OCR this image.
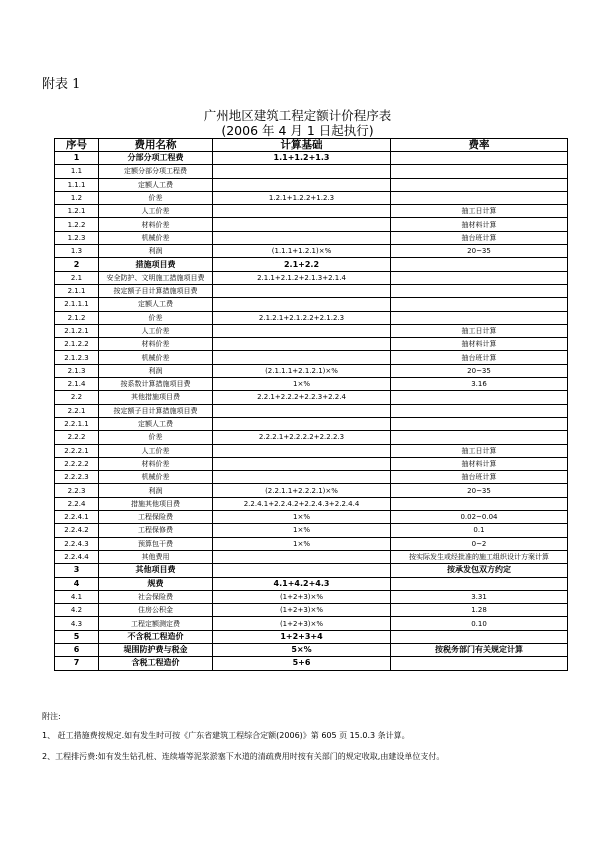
附表 1
广州地区建筑工程定额计价程序表
(2006 年 4 月 1 日起执行)
序号	费用名称	计算基础	费率
1	分部分项工程费	1.1+1.2+1.3	
1.1	定额分部分项工程费		
1.1.1	定额人工费		
1.2	价差	1.2.1+1.2.2+1.2.3	
1.2.1	人工价差		抽工日计算
1.2.2	材料价差		抽材料计算
1.2.3	机械价差		抽台班计算
1.3	利润	(1.1.1+1.2.1)×%	20~35
2	措施项目费	2.1+2.2	
2.1	安全防护、文明施工措施项目费	2.1.1+2.1.2+2.1.3+2.1.4	
2.1.1	按定额子目计算措施项目费		
2.1.1.1	定额人工费		
2.1.2	价差	2.1.2.1+2.1.2.2+2.1.2.3	
2.1.2.1	人工价差		抽工日计算
2.1.2.2	材料价差		抽材料计算
2.1.2.3	机械价差		抽台班计算
2.1.3	利润	(2.1.1.1+2.1.2.1)×%	20~35
2.1.4	按系数计算措施项目费	1×%	3.16
2.2	其他措施项目费	2.2.1+2.2.2+2.2.3+2.2.4	
2.2.1	按定额子目计算措施项目费		
2.2.1.1	定额人工费		
2.2.2	价差	2.2.2.1+2.2.2.2+2.2.2.3	
2.2.2.1	人工价差		抽工日计算
2.2.2.2	材料价差		抽材料计算
2.2.2.3	机械价差		抽台班计算
2.2.3	利润	(2.2.1.1+2.2.2.1)×%	20~35
2.2.4	措施其他项目费	2.2.4.1+2.2.4.2+2.2.4.3+2.2.4.4	
2.2.4.1	工程保险费	1×%	0.02~0.04
2.2.4.2	工程保修费	1×%	0.1
2.2.4.3	预算包干费	1×%	0~2
2.2.4.4	其他费用		按实际发生或经批准的施工组织设计方案计算
3	其他项目费		按承发包双方约定
4	规费	4.1+4.2+4.3	
4.1	社会保险费	(1+2+3)×%	3.31
4.2	住房公积金	(1+2+3)×%	1.28
4.3	工程定额测定费	(1+2+3)×%	0.10
5	不含税工程造价	1+2+3+4	
6	堤围防护费与税金	5×%	按税务部门有关规定计算
7	含税工程造价	5+6	
附注:
1、 赶工措施费按规定.如有发生时可按《广东省建筑工程综合定额(2006)》第 605 页 15.0.3 条计算。
2、工程排污费:如有发生钻孔桩、连续墙等泥浆淤塞下水道的清疏费用时按有关部门的规定收取,由建设单位支付。
